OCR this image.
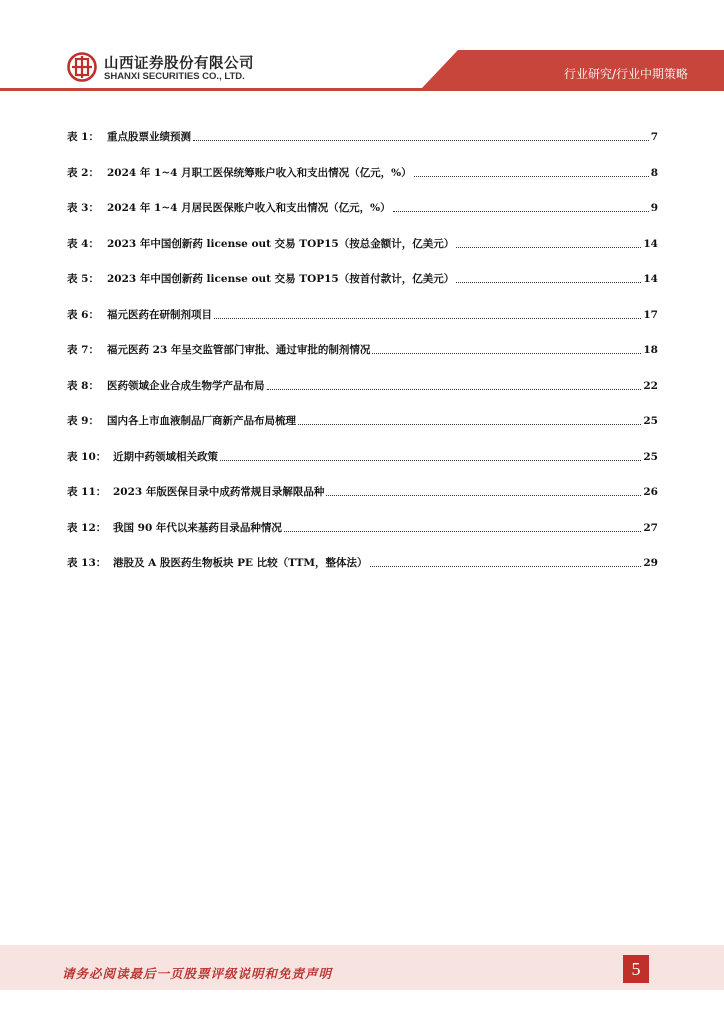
行业研究/行业中期策略
山西证券股份有限公司
SHANXI SECURITIES CO., LTD.
表 1： 重点股票业绩预测	7
表 2： 2024 年 1~4 月职工医保统筹账户收入和支出情况（亿元，%）	8
表 3： 2024 年 1~4 月居民医保账户收入和支出情况（亿元，%）	9
表 4： 2023 年中国创新药 license out 交易 TOP15（按总金额计，亿美元）	14
表 5： 2023 年中国创新药 license out 交易 TOP15（按首付款计，亿美元）	14
表 6： 福元医药在研制剂项目	17
表 7： 福元医药 23 年呈交监管部门审批、通过审批的制剂情况	18
表 8： 医药领域企业合成生物学产品布局	22
表 9： 国内各上市血液制品厂商新产品布局梳理	25
表 10： 近期中药领域相关政策	25
表 11： 2023 年版医保目录中成药常规目录解限品种	26
表 12： 我国 90 年代以来基药目录品种情况	27
表 13： 港股及 A 股医药生物板块 PE 比较（TTM，整体法）	29
请务必阅读最后一页股票评级说明和免责声明	5
